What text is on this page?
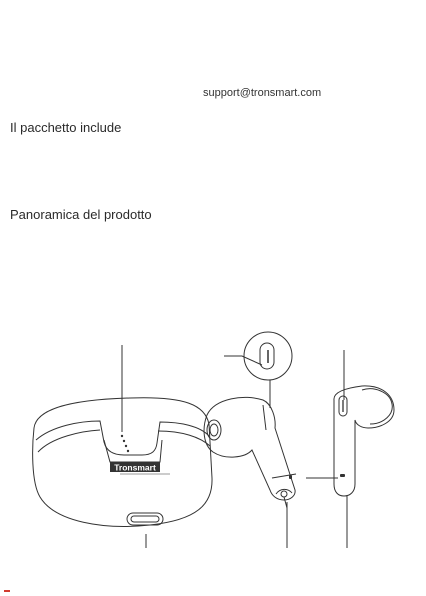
support@tronsmart.com
Il pacchetto include
Panoramica del prodotto
Tronsmart
